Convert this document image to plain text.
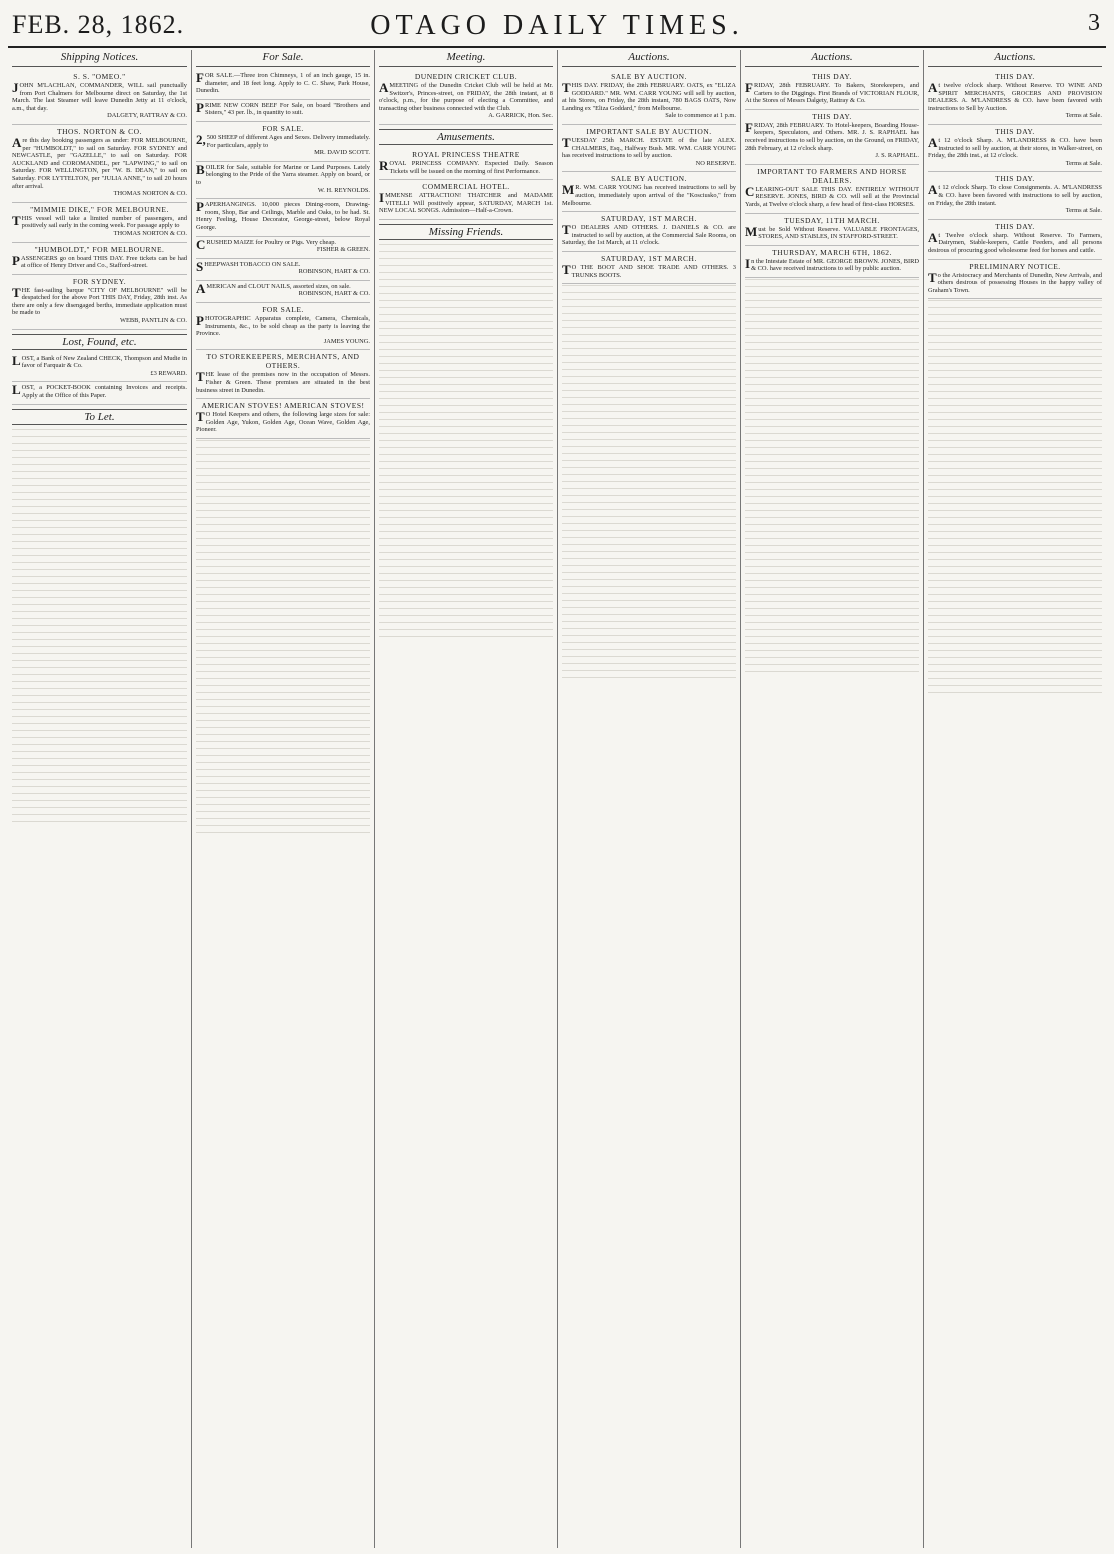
FEB. 28, 1862.	OTAGO DAILY TIMES.	3
Shipping Notices.
S. S. "OMEO."
JOHN M'LACHLAN, COMMANDER, WILL sail punctually from Port Chalmers for Melbourne direct on Saturday, the 1st March. The last Steamer will leave Dunedin Jetty at 11 o'clock, a.m., that day.
DALGETY, RATTRAY & CO.
THOS. NORTON & CO.
Are this day booking passengers as under: FOR MELBOURNE, per "HUMBOLDT," to sail on Saturday. FOR SYDNEY and NEWCASTLE, per "GAZELLE," to sail on Saturday. FOR AUCKLAND and COROMANDEL, per "LAPWING," to sail on Saturday. FOR WELLINGTON, per "W. B. DEAN," to sail on Saturday. FOR LYTTELTON, per "JULIA ANNE," to sail 20 hours after arrival.
THOMAS NORTON & CO.
"MIMMIE DIKE," FOR MELBOURNE.
THIS vessel will take a limited number of passengers, and positively sail early in the coming week. For passage apply to
THOMAS NORTON & CO.
"HUMBOLDT," FOR MELBOURNE.
PASSENGERS go on board THIS DAY. Free tickets can be had at office of Henry Driver and Co., Stafford-street.
FOR SYDNEY.
THE fast-sailing barque "CITY OF MELBOURNE" will be despatched for the above Port THIS DAY, Friday, 28th inst. As there are only a few disengaged berths, immediate application must be made to
WEBB, PANTLIN & CO.
Lost, Found, etc.
LOST, a Bank of New Zealand CHECK, Thompson and Mudie in favor of Farquair & Co.
£3 REWARD.
LOST, a POCKET-BOOK containing Invoices and receipts. Apply at the Office of this Paper.
To Let.
For Sale.
FOR SALE.—Three iron Chimneys, 1 of an inch gauge, 15 in. diameter, and 18 feet long. Apply to C. C. Shaw, Park House, Dunedin.
PRIME NEW CORN BEEF For Sale, on board "Brothers and Sisters," 43 per. lb., in quantity to suit.
FOR SALE.
2,500 SHEEP of different Ages and Sexes. Delivery immediately. For particulars, apply to
MR. DAVID SCOTT.
BOILER for Sale, suitable for Marine or Land Purposes. Lately belonging to the Pride of the Yarra steamer. Apply on board, or to
W. H. REYNOLDS.
PAPERHANGINGS. 10,000 pieces Dining-room, Drawing-room, Shop, Bar and Ceilings, Marble and Oaks, to be had. St. Henry Feeling, House Decorator, George-street, below Royal George.
CRUSHED MAIZE for Poultry or Pigs. Very cheap.
FISHER & GREEN.
SHEEPWASH TOBACCO ON SALE.
ROBINSON, HART & CO.
AMERICAN and CLOUT NAILS, assorted sizes, on sale.
ROBINSON, HART & CO.
FOR SALE.
PHOTOGRAPHIC Apparatus complete, Camera, Chemicals, Instruments, &c., to be sold cheap as the party is leaving the Province.
JAMES YOUNG.
TO STOREKEEPERS, MERCHANTS, AND OTHERS.
THE lease of the premises now in the occupation of Messrs. Fisher & Green. These premises are situated in the best business street in Dunedin.
AMERICAN STOVES! AMERICAN STOVES!
TO Hotel Keepers and others, the following large sizes for sale: Golden Age, Yukon, Golden Age, Ocean Wave, Golden Age, Pioneer.
Meeting.
DUNEDIN CRICKET CLUB.
AMEETING of the Dunedin Cricket Club will be held at Mr. Switzer's, Princes-street, on FRIDAY, the 28th instant, at 8 o'clock, p.m., for the purpose of electing a Committee, and transacting other business connected with the Club.
A. GARRICK, Hon. Sec.
Amusements.
ROYAL PRINCESS THEATRE
ROYAL PRINCESS COMPANY. Expected Daily. Season Tickets will be issued on the morning of first Performance.
COMMERCIAL HOTEL.
IMMENSE ATTRACTION! THATCHER and MADAME VITELLI Will positively appear, SATURDAY, MARCH 1st. NEW LOCAL SONGS. Admission—Half-a-Crown.
Missing Friends.
Auctions.
SALE BY AUCTION.
THIS DAY. FRIDAY, the 28th FEBRUARY. OATS, ex "ELIZA GODDARD." MR. WM. CARR YOUNG will sell by auction, at his Stores, on Friday, the 28th instant, 780 BAGS OATS, Now Landing ex "Eliza Goddard," from Melbourne.
Sale to commence at 1 p.m.
IMPORTANT SALE BY AUCTION.
TUESDAY 25th MARCH. ESTATE of the late ALEX. CHALMERS, Esq., Halfway Bush. MR. WM. CARR YOUNG has received instructions to sell by auction.
NO RESERVE.
SALE BY AUCTION.
MR. WM. CARR YOUNG has received instructions to sell by auction, immediately upon arrival of the "Kosciusko," from Melbourne.
SATURDAY, 1ST MARCH.
TO DEALERS AND OTHERS. J. DANIELS & CO. are instructed to sell by auction, at the Commercial Sale Rooms, on Saturday, the 1st March, at 11 o'clock.
SATURDAY, 1ST MARCH.
TO THE BOOT AND SHOE TRADE AND OTHERS. 3 TRUNKS BOOTS.
Auctions.
THIS DAY.
FRIDAY, 28th FEBRUARY. To Bakers, Storekeepers, and Carters to the Diggings. First Brands of VICTORIAN FLOUR, At the Stores of Messrs Dalgety, Rattray & Co.
THIS DAY.
FRIDAY, 28th FEBRUARY. To Hotel-keepers, Boarding House-keepers, Speculators, and Others. MR. J. S. RAPHAEL has received instructions to sell by auction, on the Ground, on FRIDAY, 28th February, at 12 o'clock sharp.
J. S. RAPHAEL.
IMPORTANT TO FARMERS AND HORSE DEALERS.
CLEARING-OUT SALE THIS DAY. ENTIRELY WITHOUT RESERVE. JONES, BIRD & CO. will sell at the Provincial Yards, at Twelve o'clock sharp, a few head of first-class HORSES.
TUESDAY, 11TH MARCH.
Must be Sold Without Reserve. VALUABLE FRONTAGES, STORES, AND STABLES, IN STAFFORD-STREET.
THURSDAY, MARCH 6TH, 1862.
In the Intestate Estate of MR. GEORGE BROWN. JONES, BIRD & CO. have received instructions to sell by public auction.
Auctions.
THIS DAY.
At twelve o'clock sharp. Without Reserve. TO WINE AND SPIRIT MERCHANTS, GROCERS AND PROVISION DEALERS. A. M'LANDRESS & CO. have been favored with instructions to Sell by Auction.
Terms at Sale.
THIS DAY.
At 12 o'clock Sharp. A. M'LANDRESS & CO. have been instructed to sell by auction, at their stores, in Walker-street, on Friday, the 28th inst., at 12 o'clock.
Terms at Sale.
THIS DAY.
At 12 o'clock Sharp. To close Consignments. A. M'LANDRESS & CO. have been favored with instructions to sell by auction, on Friday, the 28th instant.
Terms at Sale.
THIS DAY.
At Twelve o'clock sharp. Without Reserve. To Farmers, Dairymen, Stable-keepers, Cattle Feeders, and all persons desirous of procuring good wholesome feed for horses and cattle.
PRELIMINARY NOTICE.
To the Aristocracy and Merchants of Dunedin, New Arrivals, and others desirous of possessing Houses in the happy valley of Graham's Town.
